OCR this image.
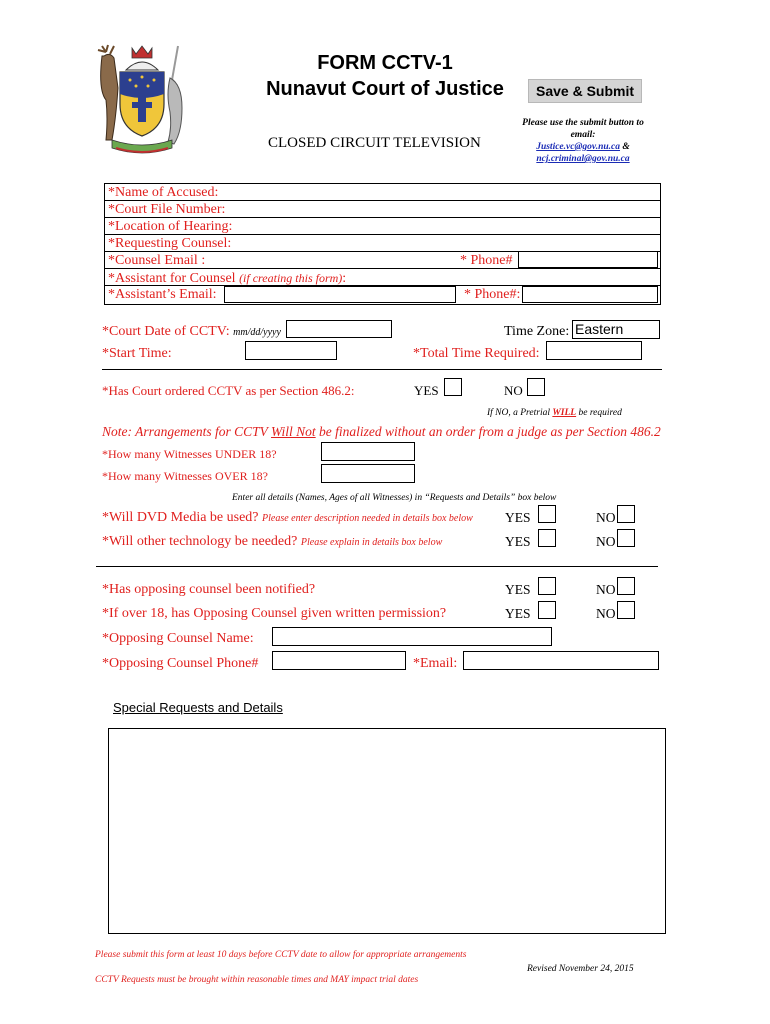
FORM CCTV-1
Nunavut Court of Justice
CLOSED CIRCUIT TELEVISION
Save & Submit
Please use the submit button to email:
Justice.vc@gov.nu.ca &
ncj.criminal@gov.nu.ca
*Name of Accused:
*Court File Number:
*Location of Hearing:
*Requesting Counsel:
*Counsel Email :	* Phone#
*Assistant for Counsel (if creating this form):
*Assistant’s Email:	* Phone#:
*Court Date of CCTV: mm/dd/yyyy	Time Zone: Eastern
*Start Time:	*Total Time Required:
*Has Court ordered CCTV as per Section 486.2:	YES	NO
If NO, a Pretrial WILL be required
Note: Arrangements for CCTV Will Not be finalized without an order from a judge as per Section 486.2
*How many Witnesses UNDER 18?
*How many Witnesses OVER 18?
Enter all details (Names, Ages of all Witnesses) in “Requests and Details” box below
*Will DVD Media be used? Please enter description needed in details box below YES	NO
*Will other technology be needed? Please explain in details box below	YES	NO
*Has opposing counsel been notified?	YES	NO
*If over 18, has Opposing Counsel given written permission?	YES	NO
*Opposing Counsel Name:
*Opposing Counsel Phone#	*Email:
Special Requests and Details
Please submit this form at least 10 days before CCTV date to allow for appropriate arrangements
Revised November 24, 2015
CCTV Requests must be brought within reasonable times and MAY impact trial dates
